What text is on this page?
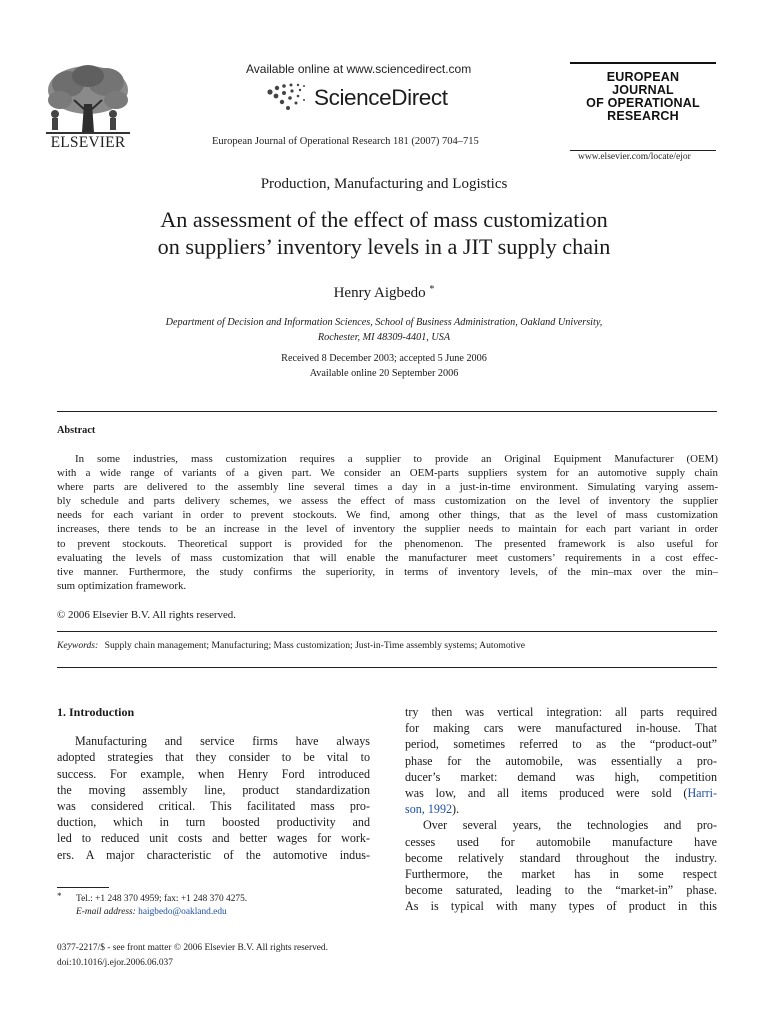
ELSEVIER
Available online at www.sciencedirect.com
ScienceDirect
European Journal of Operational Research 181 (2007) 704–715
EUROPEAN
JOURNAL
OF OPERATIONAL
RESEARCH
www.elsevier.com/locate/ejor
Production, Manufacturing and Logistics
An assessment of the effect of mass customization
on suppliers’ inventory levels in a JIT supply chain
Henry Aigbedo *
Department of Decision and Information Sciences, School of Business Administration, Oakland University,
Rochester, MI 48309-4401, USA
Received 8 December 2003; accepted 5 June 2006
Available online 20 September 2006
Abstract
In some industries, mass customization requires a supplier to provide an Original Equipment Manufacturer (OEM)
with a wide range of variants of a given part. We consider an OEM-parts suppliers system for an automotive supply chain
where parts are delivered to the assembly line several times a day in a just-in-time environment. Simulating varying assem-
bly schedule and parts delivery schemes, we assess the effect of mass customization on the level of inventory the supplier
needs for each variant in order to prevent stockouts. We find, among other things, that as the level of mass customization
increases, there tends to be an increase in the level of inventory the supplier needs to maintain for each part variant in order
to prevent stockouts. Theoretical support is provided for the phenomenon. The presented framework is also useful for
evaluating the levels of mass customization that will enable the manufacturer meet customers’ requirements in a cost effec-
tive manner. Furthermore, the study confirms the superiority, in terms of inventory levels, of the min–max over the min–
sum optimization framework.
© 2006 Elsevier B.V. All rights reserved.
Keywords: Supply chain management; Manufacturing; Mass customization; Just-in-Time assembly systems; Automotive
1. Introduction
Manufacturing and service firms have always
adopted strategies that they consider to be vital to
success. For example, when Henry Ford introduced
the moving assembly line, product standardization
was considered critical. This facilitated mass pro-
duction, which in turn boosted productivity and
led to reduced unit costs and better wages for work-
ers. A major characteristic of the automotive indus-
try then was vertical integration: all parts required
for making cars were manufactured in-house. That
period, sometimes referred to as the “product-out”
phase for the automobile, was essentially a pro-
ducer’s market: demand was high, competition
was low, and all items produced were sold (Harri-
son, 1992).
Over several years, the technologies and pro-
cesses used for automobile manufacture have
become relatively standard throughout the industry.
Furthermore, the market has in some respect
become saturated, leading to the “market-in” phase.
As is typical with many types of product in this
*	Tel.: +1 248 370 4959; fax: +1 248 370 4275.
E-mail address: haigbedo@oakland.edu
0377-2217/$ - see front matter © 2006 Elsevier B.V. All rights reserved.
doi:10.1016/j.ejor.2006.06.037
